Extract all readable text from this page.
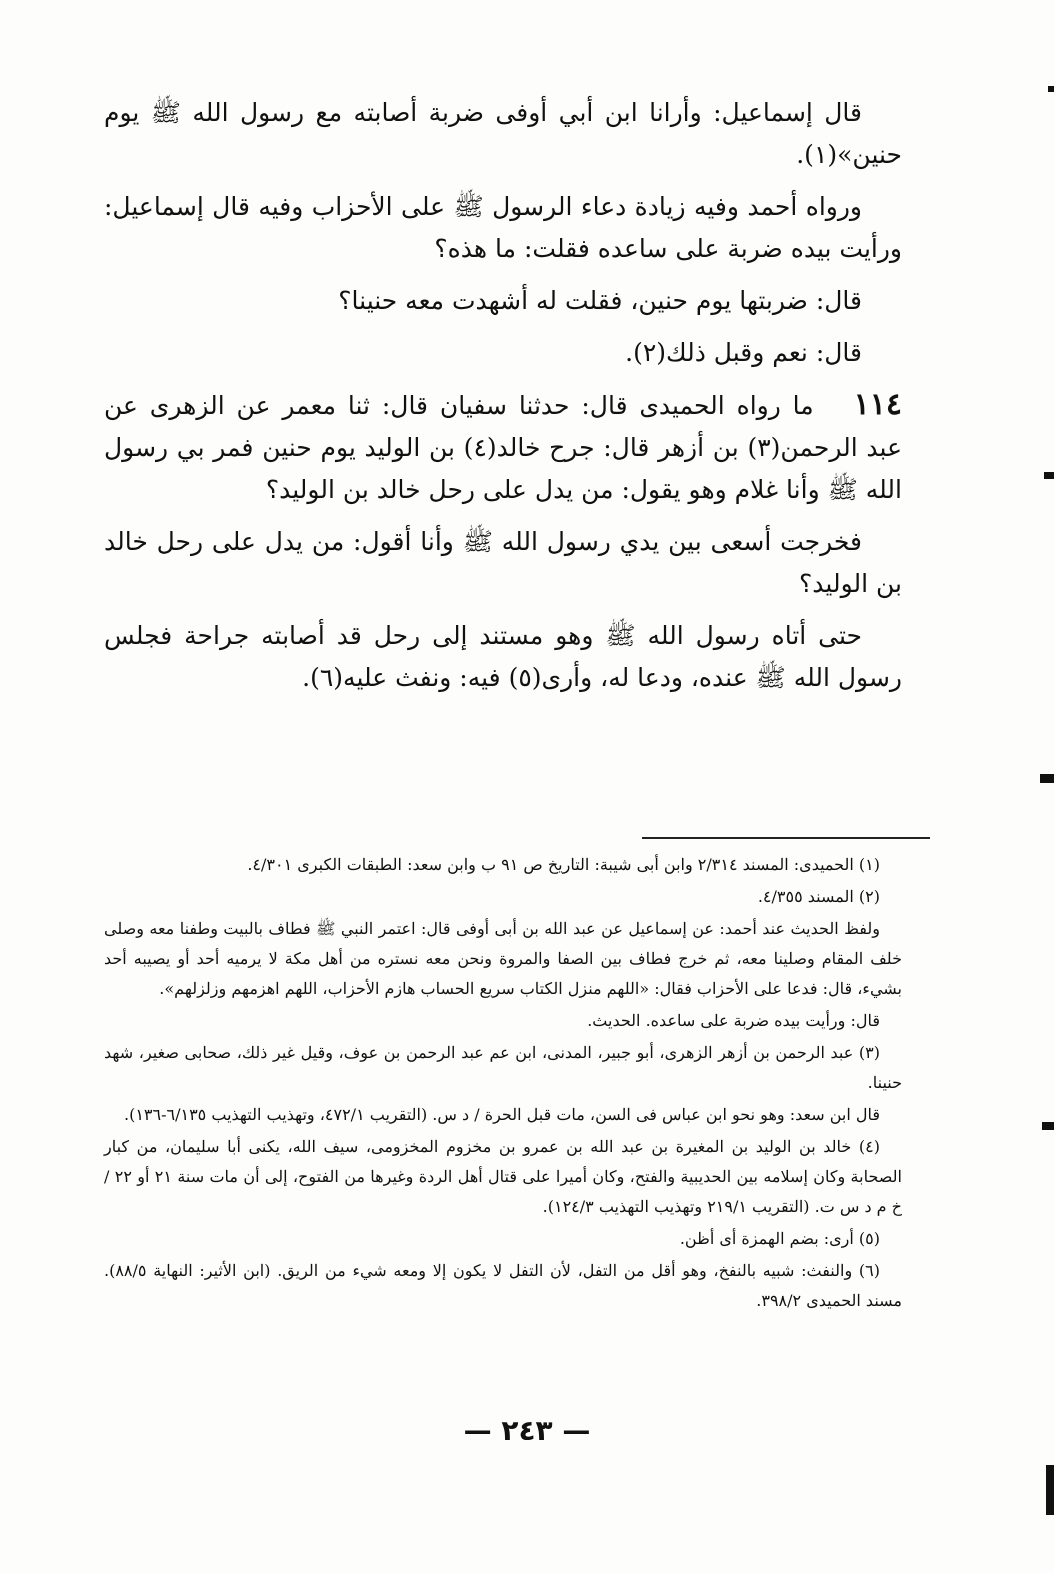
قال إسماعيل: وأرانا ابن أبي أوفى ضربة أصابته مع رسول الله ﷺ يوم حنين»(١).

ورواه أحمد وفيه زيادة دعاء الرسول ﷺ على الأحزاب وفيه قال إسماعيل: ورأيت بيده ضربة على ساعده فقلت: ما هذه؟

قال: ضربتها يوم حنين، فقلت له أشهدت معه حنينا؟

قال: نعم وقبل ذلك(٢).

١١٤ما رواه الحميدى قال: حدثنا سفيان قال: ثنا معمر عن الزهرى عن عبد الرحمن(٣) بن أزهر قال: جرح خالد(٤) بن الوليد يوم حنين فمر بي رسول الله ﷺ وأنا غلام وهو يقول: من يدل على رحل خالد بن الوليد؟

فخرجت أسعى بين يدي رسول الله ﷺ وأنا أقول: من يدل على رحل خالد بن الوليد؟

حتى أتاه رسول الله ﷺ وهو مستند إلى رحل قد أصابته جراحة فجلس رسول الله ﷺ عنده، ودعا له، وأرى(٥) فيه: ونفث عليه(٦).

(١) الحميدى: المسند ٢/٣١٤ وابن أبى شيبة: التاريخ ص ٩١ ب وابن سعد: الطبقات الكبرى ٤/٣٠١.

(٢) المسند ٤/٣٥٥.

ولفظ الحديث عند أحمد: عن إسماعيل عن عبد الله بن أبى أوفى قال: اعتمر النبي ﷺ فطاف بالبيت وطفنا معه وصلى خلف المقام وصلينا معه، ثم خرج فطاف بين الصفا والمروة ونحن معه نستره من أهل مكة لا يرميه أحد أو يصيبه أحد بشيء، قال: فدعا على الأحزاب فقال: «اللهم منزل الكتاب سريع الحساب هازم الأحزاب، اللهم اهزمهم وزلزلهم».

قال: ورأيت بيده ضربة على ساعده. الحديث.

(٣) عبد الرحمن بن أزهر الزهرى، أبو جبير، المدنى، ابن عم عبد الرحمن بن عوف، وقيل غير ذلك، صحابى صغير، شهد حنينا.

قال ابن سعد: وهو نحو ابن عباس فى السن، مات قبل الحرة / د س. (التقريب ٤٧٢/١، وتهذيب التهذيب ٦/١٣٥-١٣٦).

(٤) خالد بن الوليد بن المغيرة بن عبد الله بن عمرو بن مخزوم المخزومى، سيف الله، يكنى أبا سليمان، من كبار الصحابة وكان إسلامه بين الحديبية والفتح، وكان أميرا على قتال أهل الردة وغيرها من الفتوح، إلى أن مات سنة ٢١ أو ٢٢ / خ م د س ت. (التقريب ٢١٩/١ وتهذيب التهذيب ١٢٤/٣).

(٥) أرى: بضم الهمزة أى أظن.

(٦) والنفث: شبيه بالنفخ، وهو أقل من التفل، لأن التفل لا يكون إلا ومعه شيء من الريق. (ابن الأثير: النهاية ٨٨/٥). مسند الحميدى ٣٩٨/٢.

— ٢٤٣ —
